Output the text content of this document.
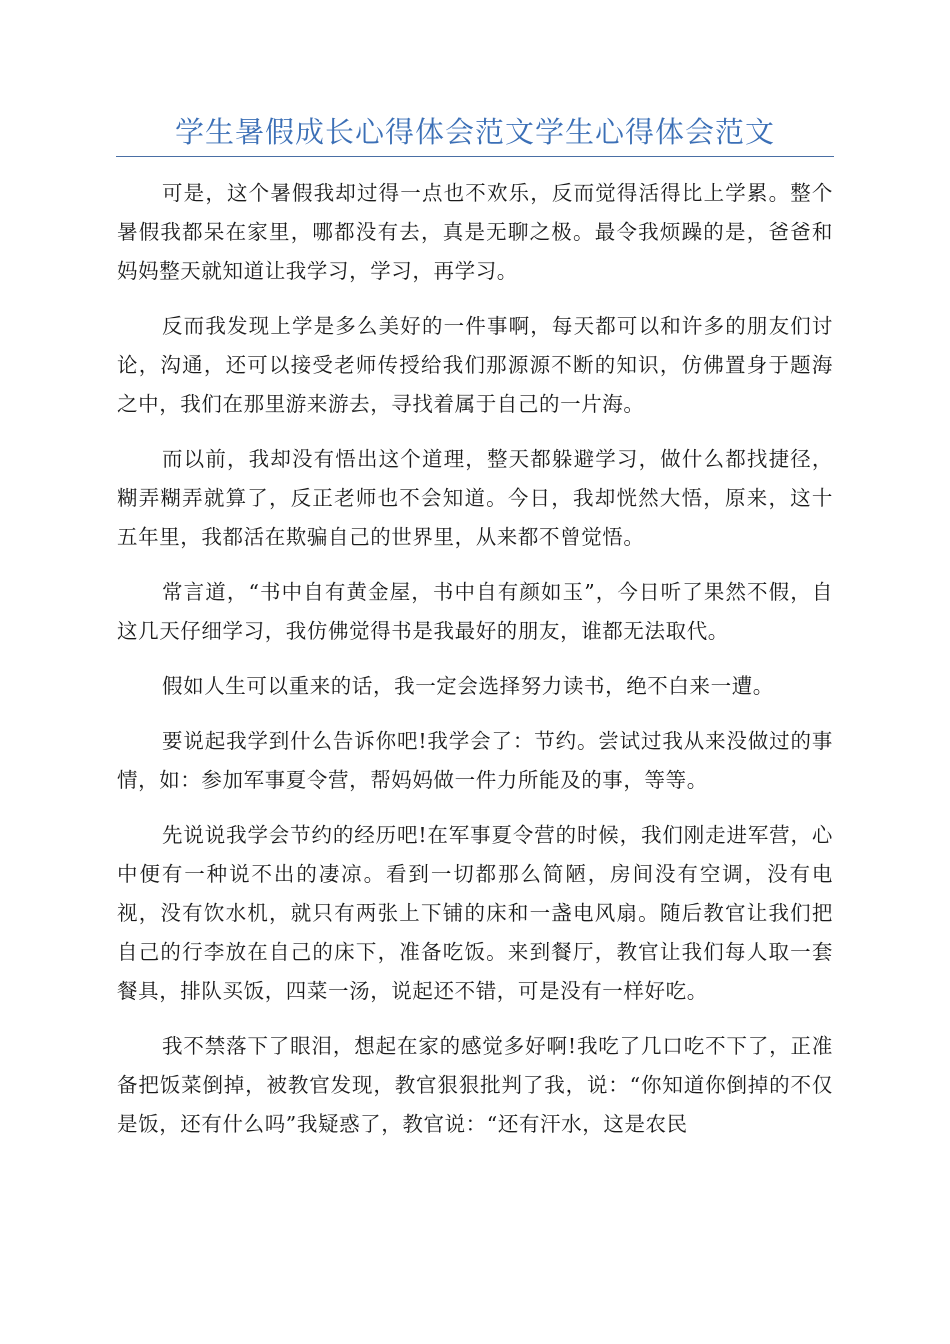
学生暑假成长心得体会范文学生心得体会范文

可是，这个暑假我却过得一点也不欢乐，反而觉得活得比上学累。整个暑假我都呆在家里，哪都没有去，真是无聊之极。最令我烦躁的是，爸爸和妈妈整天就知道让我学习，学习，再学习。

反而我发现上学是多么美好的一件事啊，每天都可以和许多的朋友们讨论，沟通，还可以接受老师传授给我们那源源不断的知识，仿佛置身于题海之中，我们在那里游来游去，寻找着属于自己的一片海。

而以前，我却没有悟出这个道理，整天都躲避学习，做什么都找捷径，糊弄糊弄就算了，反正老师也不会知道。今日，我却恍然大悟，原来，这十五年里，我都活在欺骗自己的世界里，从来都不曾觉悟。

常言道，“书中自有黄金屋，书中自有颜如玉”，今日听了果然不假，自这几天仔细学习，我仿佛觉得书是我最好的朋友，谁都无法取代。

假如人生可以重来的话，我一定会选择努力读书，绝不白来一遭。

要说起我学到什么告诉你吧!我学会了：节约。尝试过我从来没做过的事情，如：参加军事夏令营，帮妈妈做一件力所能及的事，等等。

先说说我学会节约的经历吧!在军事夏令营的时候，我们刚走进军营，心中便有一种说不出的凄凉。看到一切都那么简陋，房间没有空调，没有电视，没有饮水机，就只有两张上下铺的床和一盏电风扇。随后教官让我们把自己的行李放在自己的床下，准备吃饭。来到餐厅，教官让我们每人取一套餐具，排队买饭，四菜一汤，说起还不错，可是没有一样好吃。

我不禁落下了眼泪，想起在家的感觉多好啊!我吃了几口吃不下了，正准备把饭菜倒掉，被教官发现，教官狠狠批判了我，说：“你知道你倒掉的不仅是饭，还有什么吗”我疑惑了，教官说：“还有汗水，这是农民
